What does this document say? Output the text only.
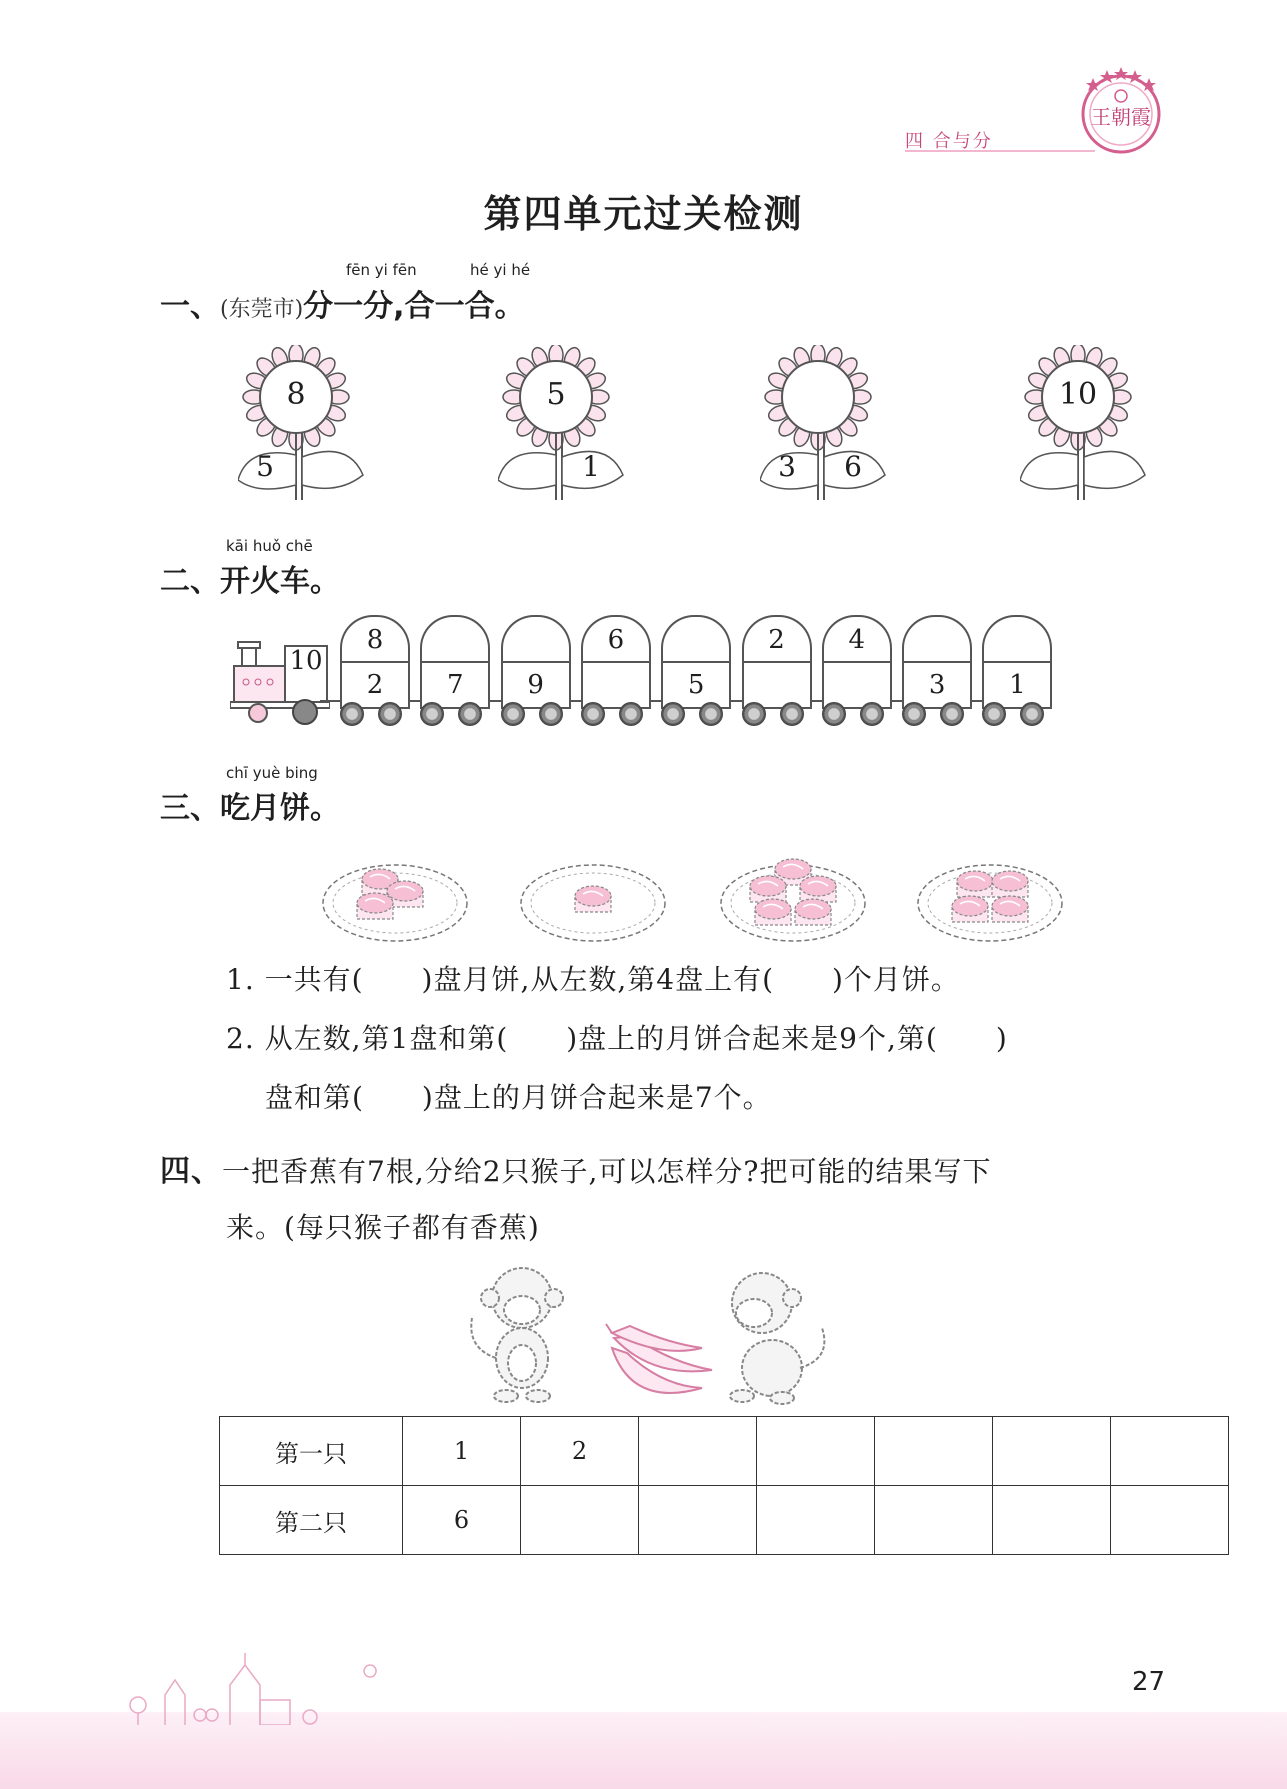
四 合与分
王朝霞
第四单元过关检测
fēn yi fēn	hé yi hé
一、(东莞市)分一分,合一合。
8
5
5
1	3	6
10
kāi huǒ chē
二、开火车。
10
8
2	7	9
6
5
2	4
3	1
chī yuè bing
三、吃月饼。
1. 一共有(　　)盘月饼,从左数,第4盘上有(　　)个月饼。
2. 从左数,第1盘和第(　　)盘上的月饼合起来是9个,第(　　)
盘和第(　　)盘上的月饼合起来是7个。
四、一把香蕉有7根,分给2只猴子,可以怎样分?把可能的结果写下
来。(每只猴子都有香蕉)
第一只	1	2					
第二只	6						
27
